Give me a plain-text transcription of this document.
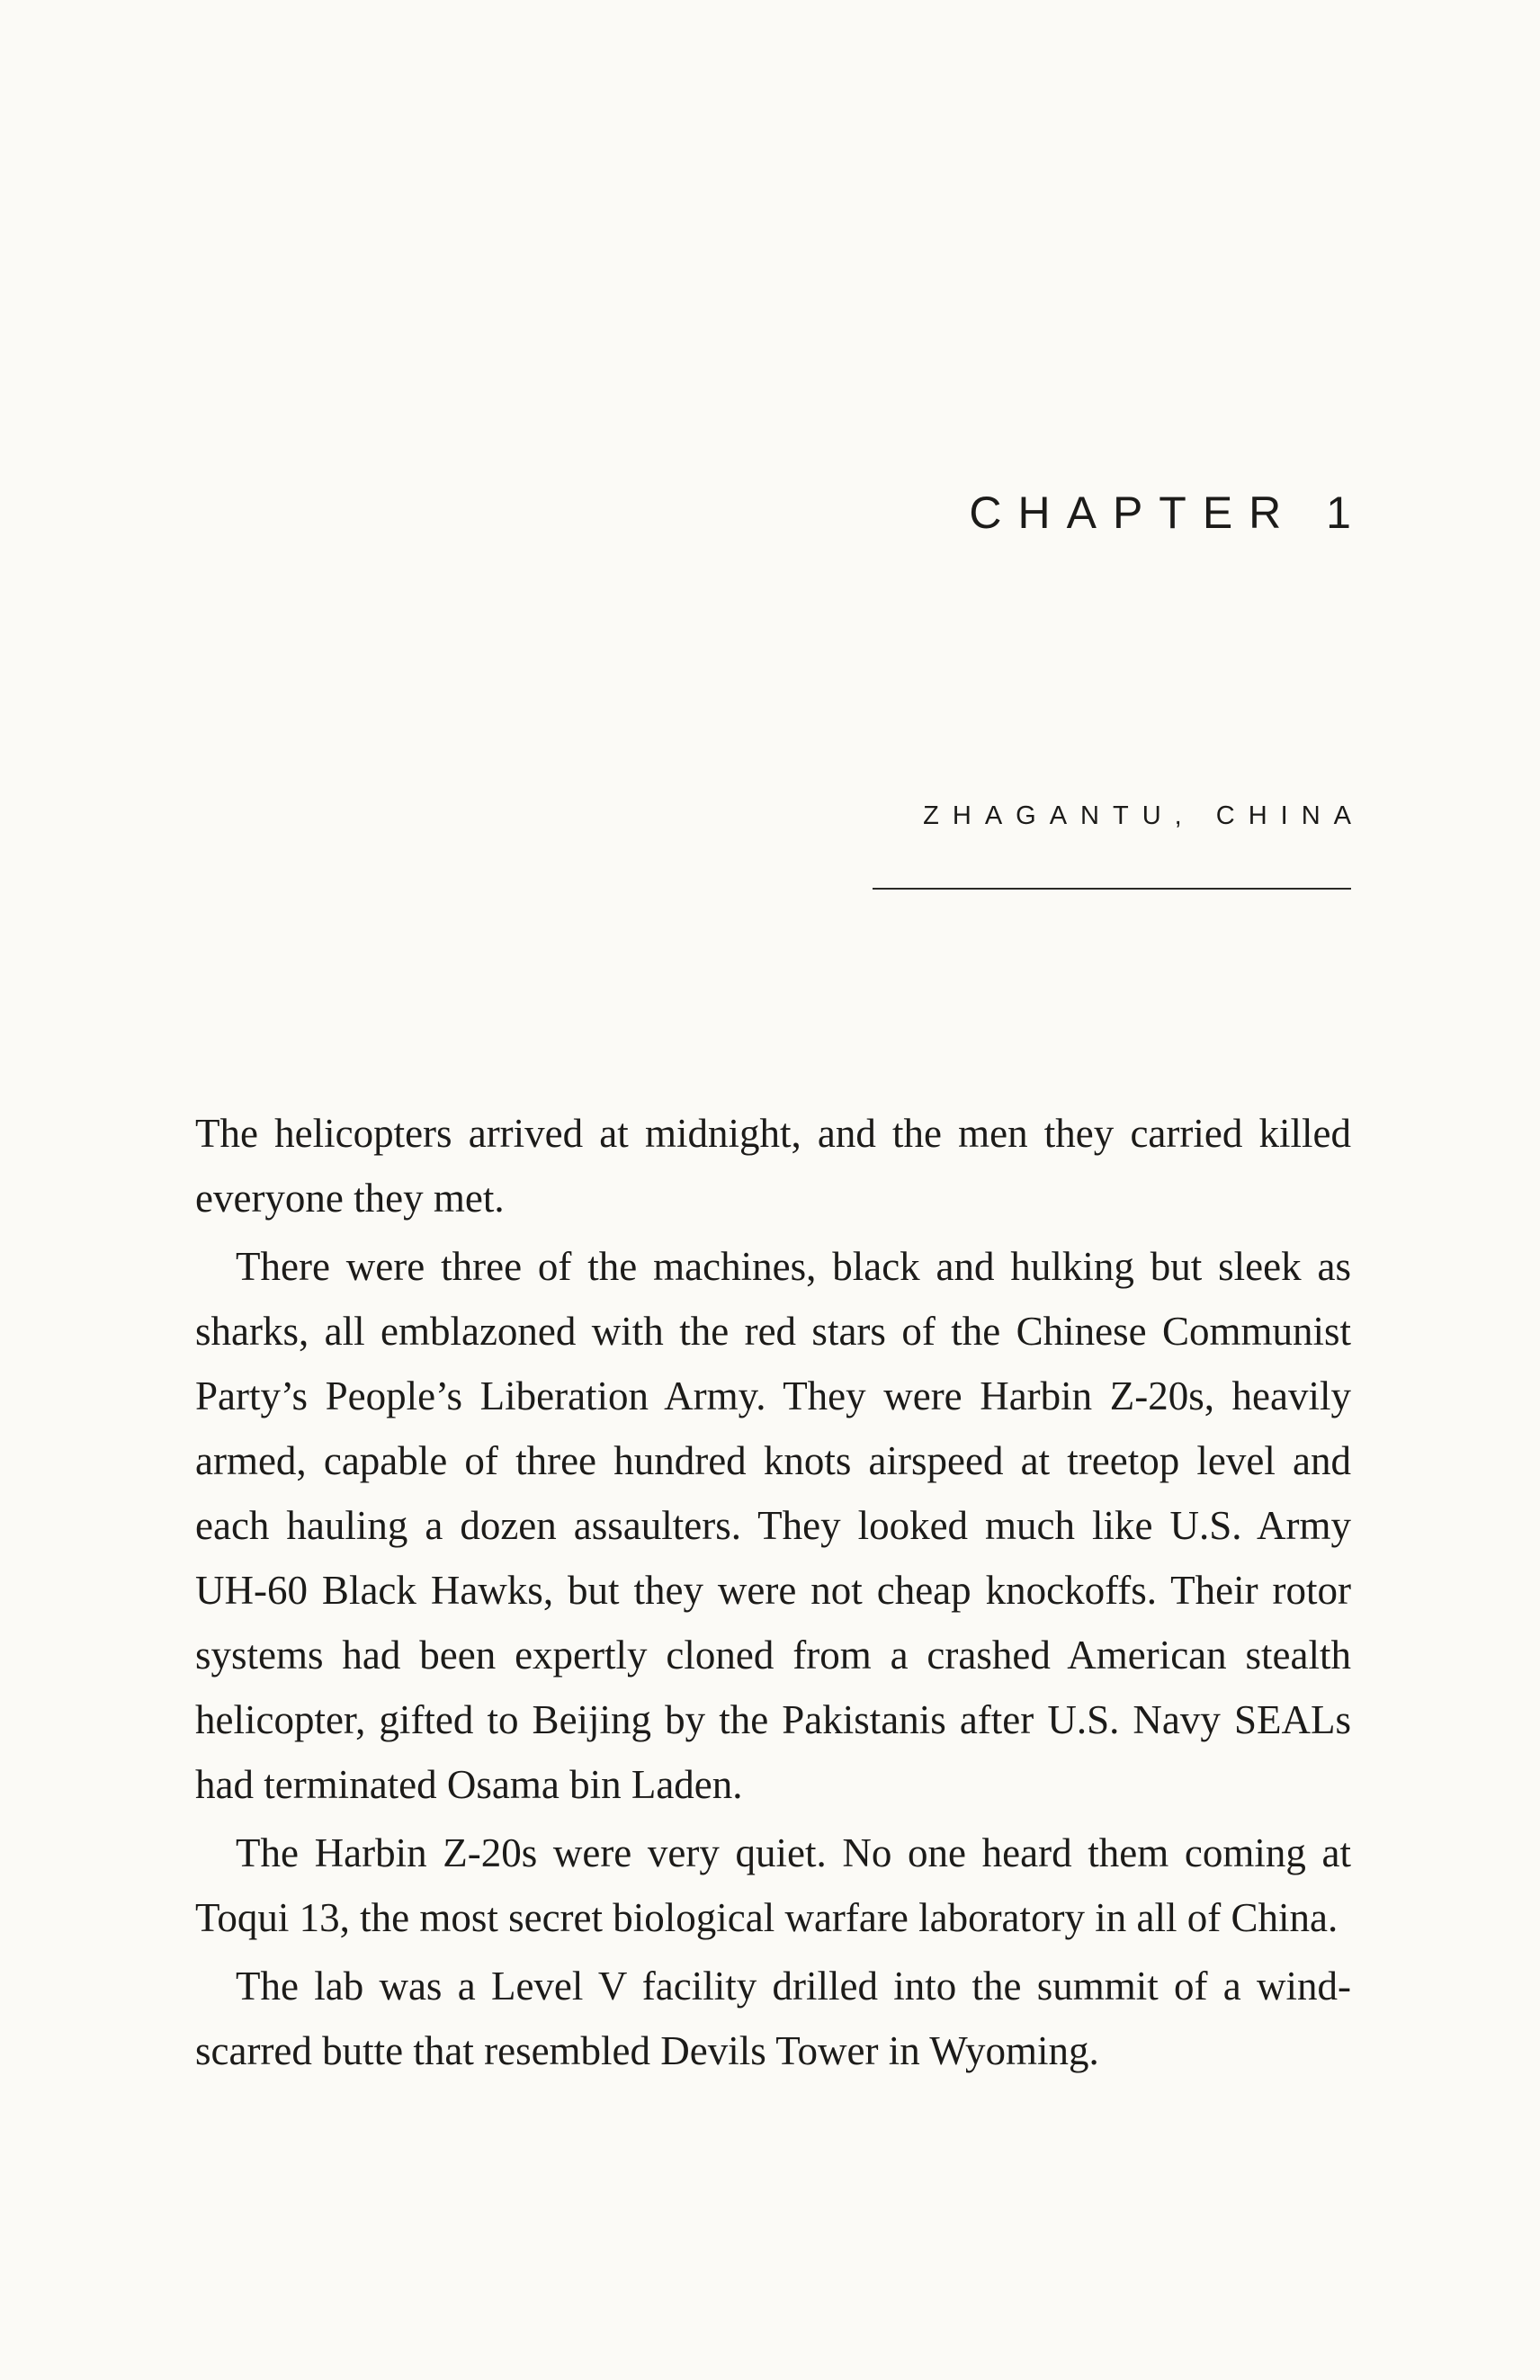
CHAPTER 1
ZHAGANTU, CHINA

The helicopters arrived at midnight, and the men they carried killed everyone they met.

There were three of the machines, black and hulking but sleek as sharks, all emblazoned with the red stars of the Chinese Communist Party’s People’s Liberation Army. They were Harbin Z-20s, heavily armed, capable of three hundred knots airspeed at treetop level and each hauling a dozen assaulters. They looked much like U.S. Army UH-60 Black Hawks, but they were not cheap knockoffs. Their rotor systems had been expertly cloned from a crashed American stealth helicopter, gifted to Beijing by the Pakistanis after U.S. Navy SEALs had terminated Osama bin Laden.

The Harbin Z-20s were very quiet. No one heard them coming at Toqui 13, the most secret biological warfare laboratory in all of China.

The lab was a Level V facility drilled into the summit of a wind-scarred butte that resembled Devils Tower in Wyoming.
